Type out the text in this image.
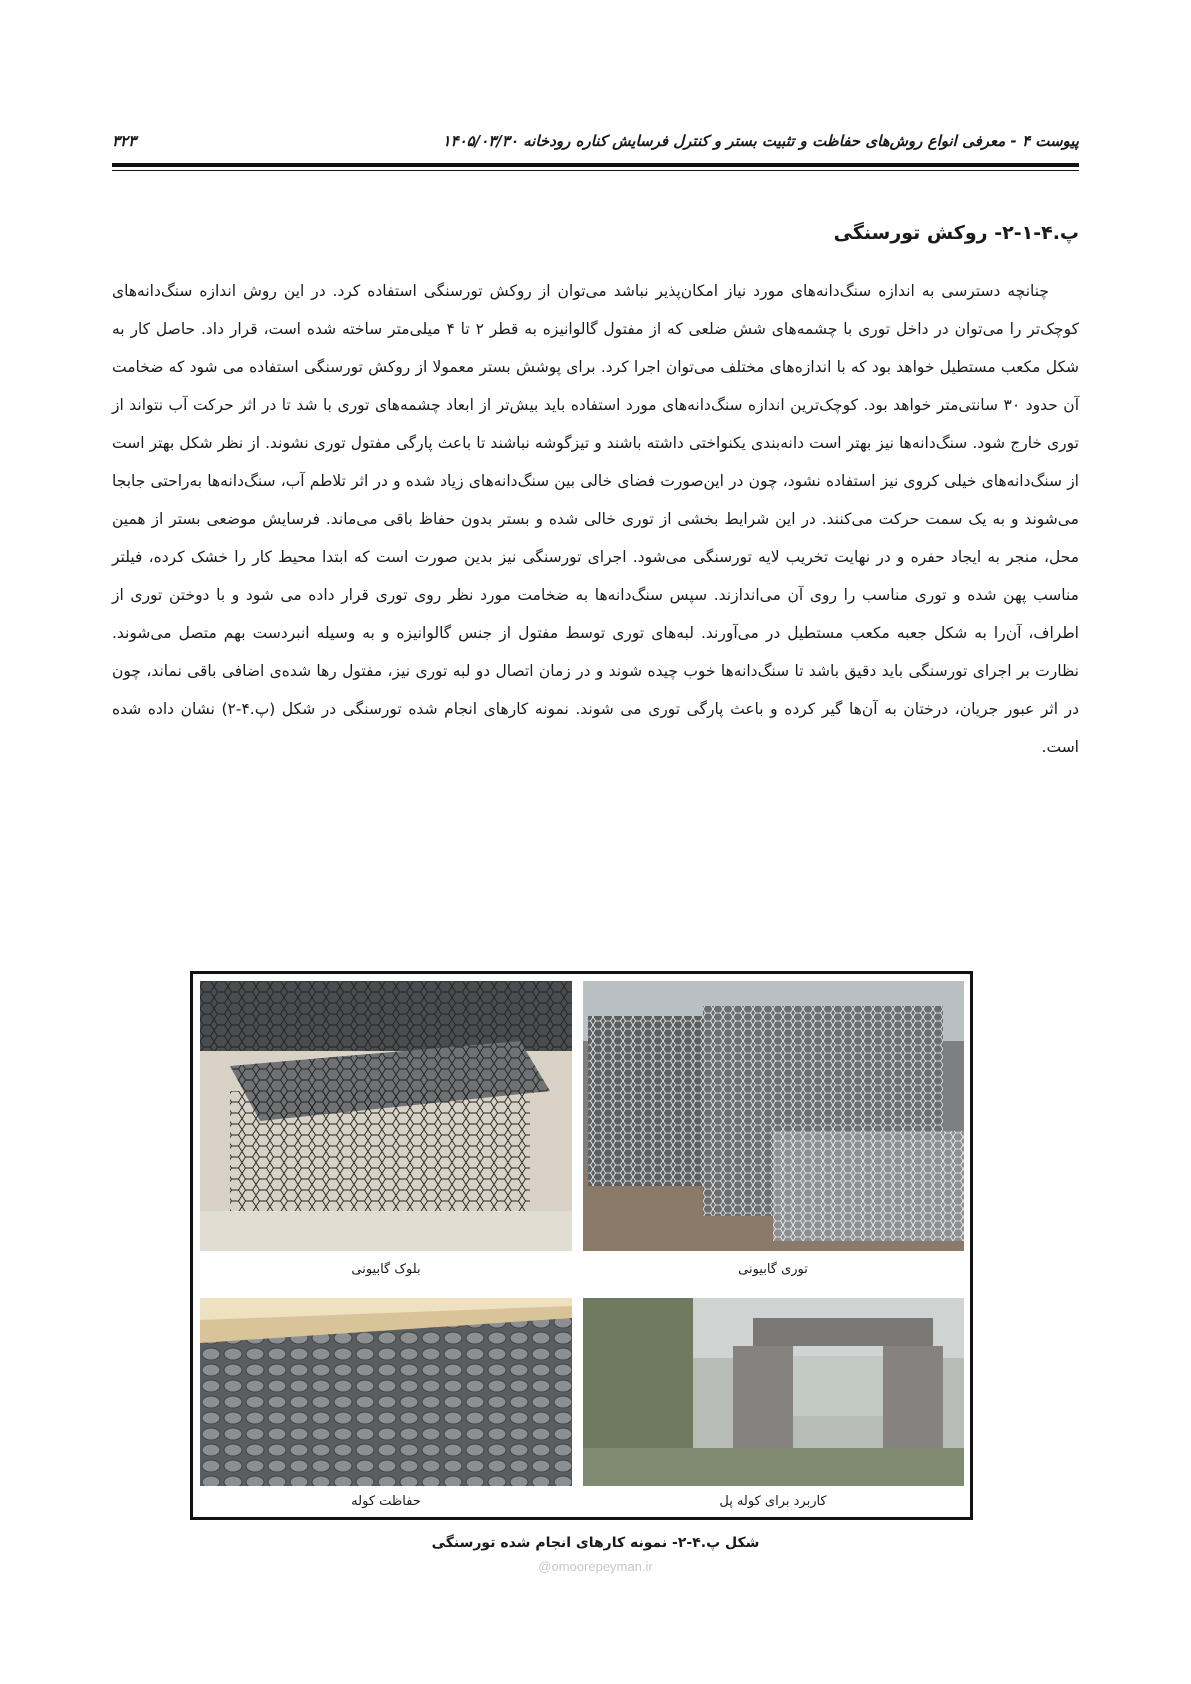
پیوست ۴ - معرفی انواع روش‌های حفاظت و تثبیت بستر و کنترل فرسایش کناره رودخانه ۱۴۰۵/۰۳/۳۰
۳۲۳
پ.۴-۱-۲- روکش تورسنگی

چنانچه دسترسی به اندازه سنگ‌دانه‌های مورد نیاز امکان‌پذیر نباشد می‌توان از روکش تورسنگی استفاده کرد. در این روش اندازه سنگ‌دانه‌های کوچک‌تر را می‌توان در داخل توری با چشمه‌های شش ضلعی که از مفتول گالوانیزه به قطر ۲ تا ۴ میلی‌متر ساخته شده است، قرار داد. حاصل کار به شکل مکعب مستطیل خواهد بود که با اندازه‌های مختلف می‌توان اجرا کرد. برای پوشش بستر معمولا از روکش تورسنگی استفاده می شود که ضخامت آن حدود ۳۰ سانتی‌متر خواهد بود. کوچک‌ترین اندازه سنگ‌دانه‌های مورد استفاده باید بیش‌تر از ابعاد چشمه‌های توری با شد تا در اثر حرکت آب نتواند از توری خارج شود. سنگ‌دانه‌ها نیز بهتر است دانه‌بندی یکنواختی داشته باشند و تیزگوشه نباشند تا باعث پارگی مفتول توری نشوند. از نظر شکل بهتر است از سنگ‌دانه‌های خیلی کروی نیز استفاده نشود، چون در این‌صورت فضای خالی بین سنگ‌دانه‌های زیاد شده و در اثر تلاطم آب، سنگ‌دانه‌ها به‌راحتی جابجا می‌شوند و به یک سمت حرکت می‌کنند. در این شرایط بخشی از توری خالی شده و بستر بدون حفاظ باقی می‌ماند. فرسایش موضعی بستر از همین محل، منجر به ایجاد حفره و در نهایت تخریب لایه تورسنگی می‌شود. اجرای تورسنگی نیز بدین صورت است که ابتدا محیط کار را خشک کرده، فیلتر مناسب پهن شده و توری مناسب را روی آن می‌اندازند. سپس سنگ‌دانه‌ها به ضخامت مورد نظر روی توری قرار داده می شود و با دوختن توری از اطراف، آن‌را به شکل جعبه مکعب مستطیل در می‌آورند. لبه‌های توری توسط مفتول از جنس گالوانیزه و به وسیله انبردست بهم متصل می‌شوند. نظارت بر اجرای تورسنگی باید دقیق باشد تا سنگ‌دانه‌ها خوب چیده شوند و در زمان اتصال دو لبه توری نیز، مفتول رها شده‌ی اضافی باقی نماند، چون در اثر عبور جریان، درختان به آن‌ها گیر کرده و باعث پارگی توری می شوند. نمونه کارهای انجام شده تورسنگی در شکل (پ.۴-۲) نشان داده شده است.

توری گابیونی
بلوک گابیونی
کاربرد برای کوله پل
حفاظت کوله
شکل پ.۴-۲- نمونه کارهای انجام شده تورسنگی
@omoorepeyman.ir
